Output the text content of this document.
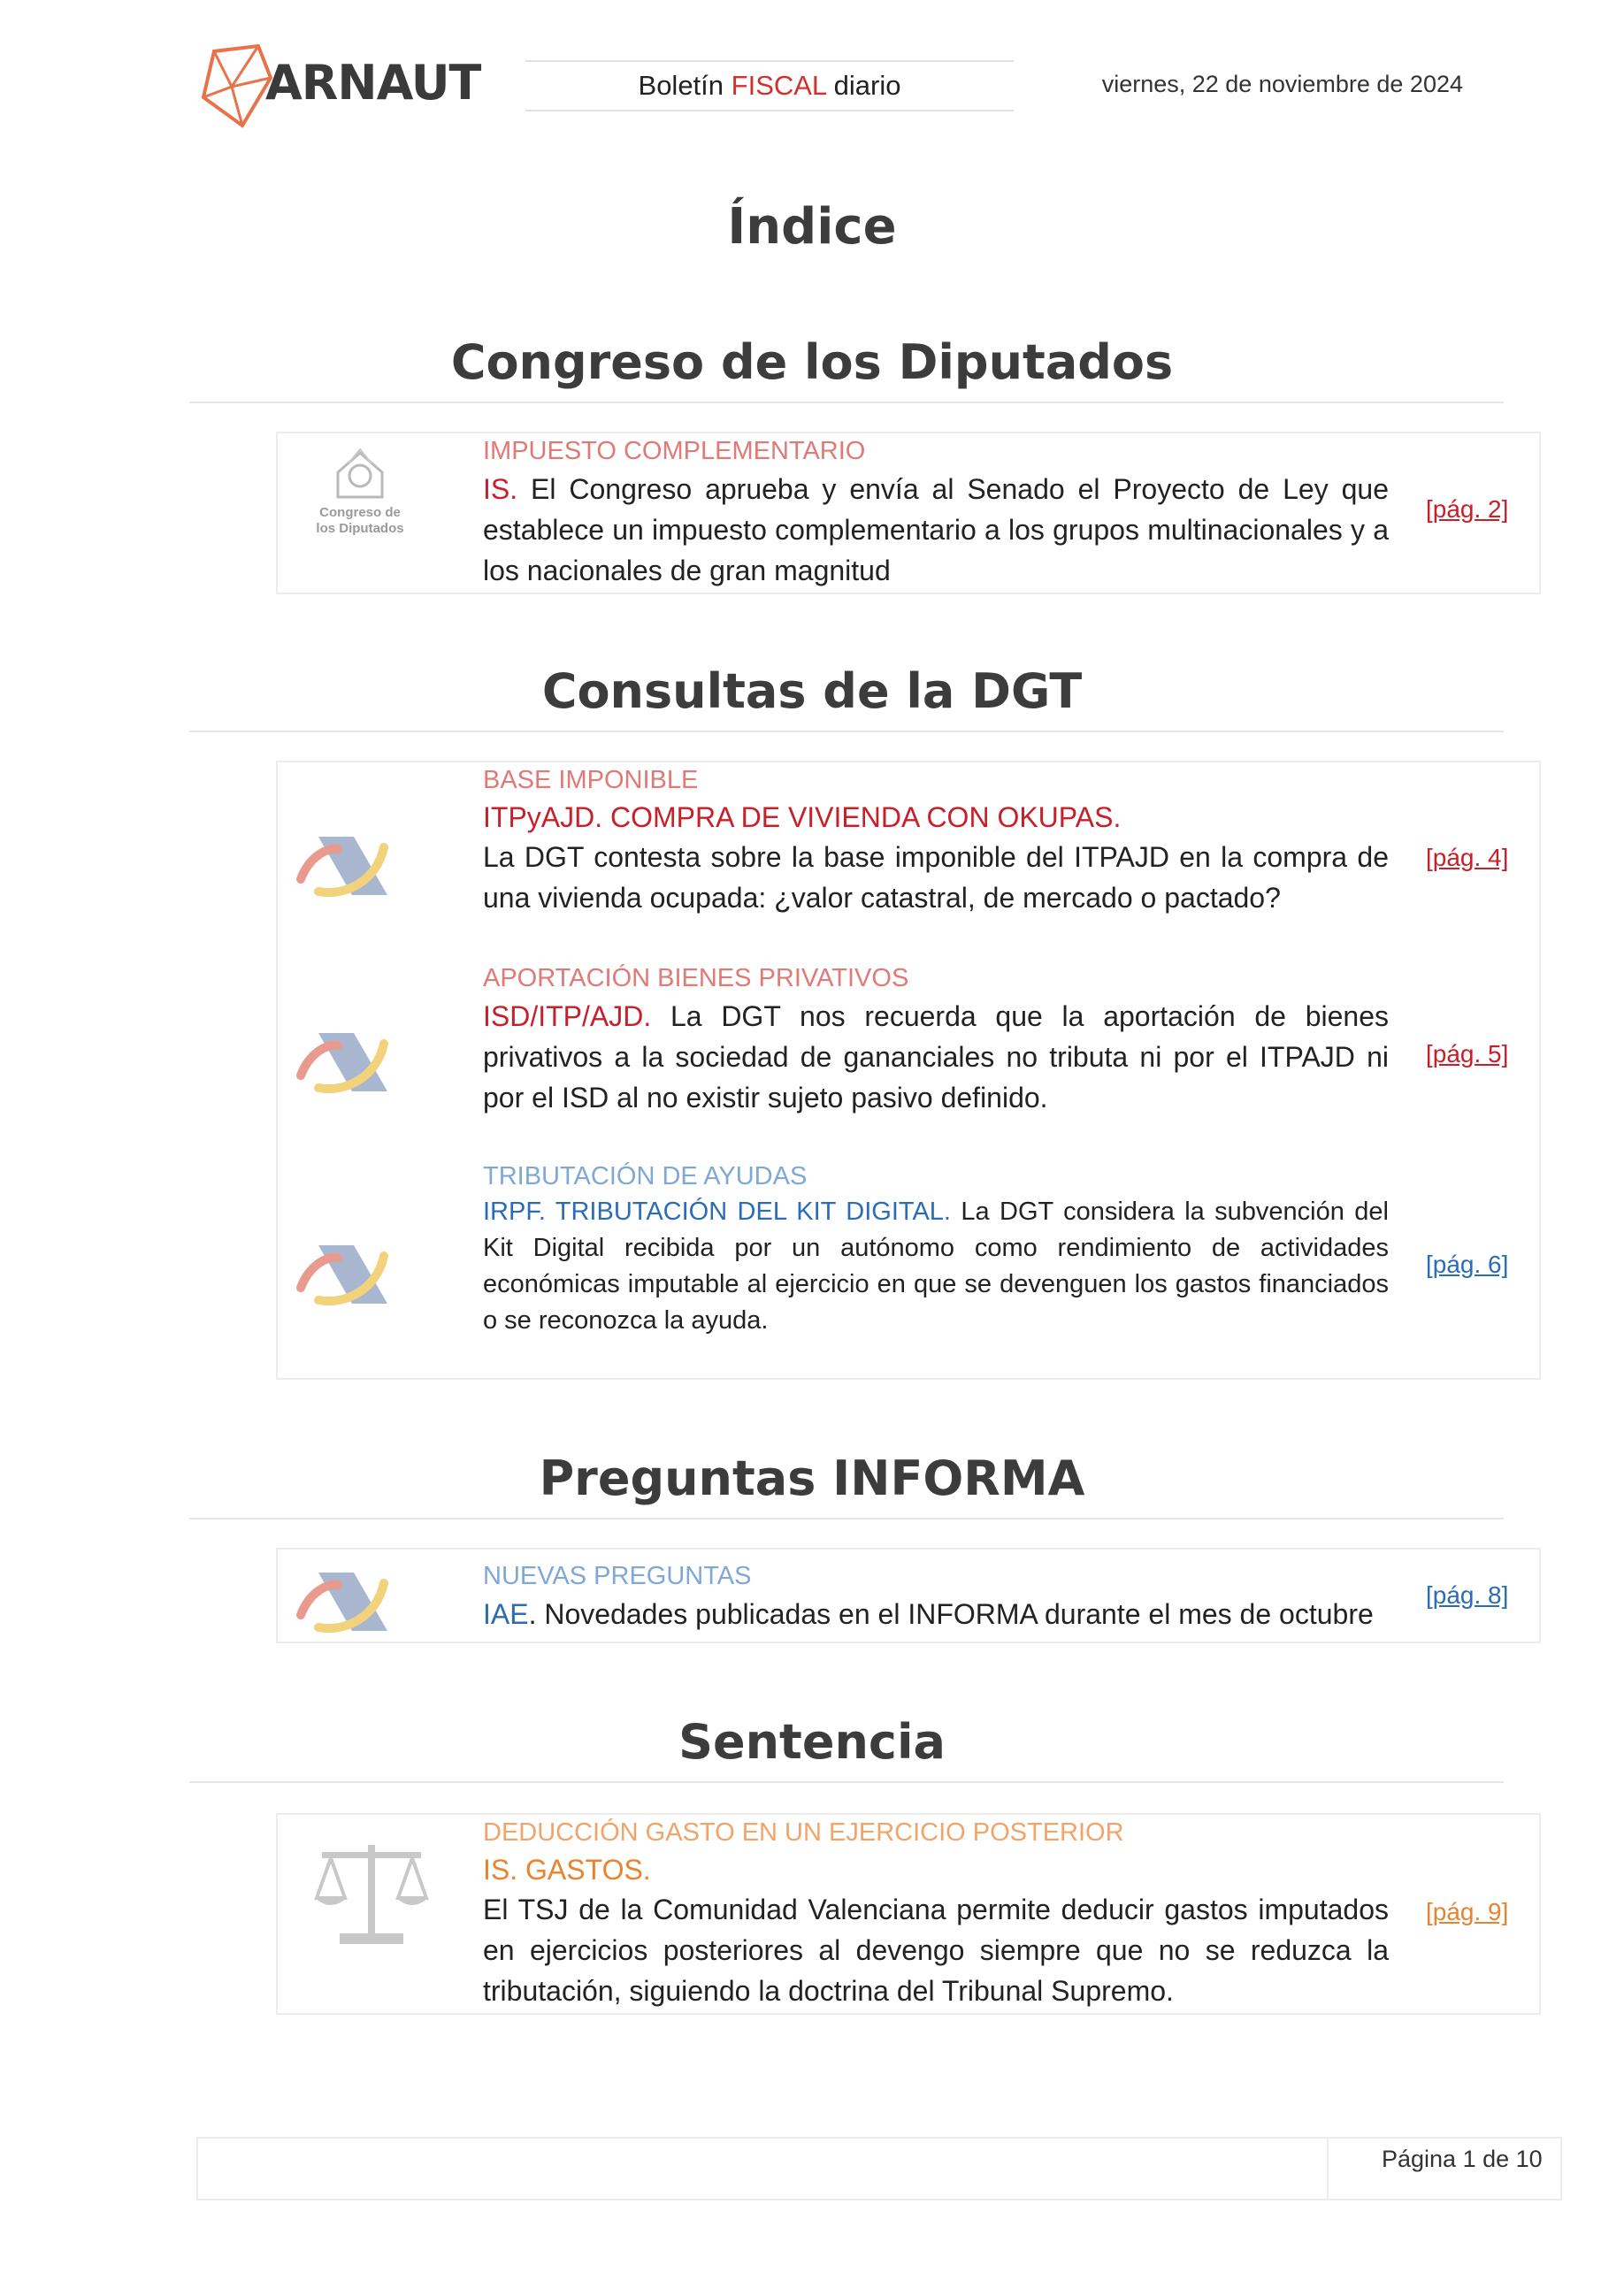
ARNAUT	Boletín FISCAL diario	viernes, 22 de noviembre de 2024
Índice
Congreso de los Diputados
Congreso de
los Diputados
IMPUESTO COMPLEMENTARIO
IS. El Congreso aprueba y envía al Senado el Proyecto de Ley que establece un impuesto complementario a los grupos multinacionales y a los nacionales de gran magnitud
[pág. 2]
Consultas de la DGT
BASE IMPONIBLE
ITPyAJD. COMPRA DE VIVIENDA CON OKUPAS.
La DGT contesta sobre la base imponible del ITPAJD en la compra de una vivienda ocupada: ¿valor catastral, de mercado o pactado?
[pág. 4]
APORTACIÓN BIENES PRIVATIVOS
ISD/ITP/AJD. La DGT nos recuerda que la aportación de bienes privativos a la sociedad de gananciales no tributa ni por el ITPAJD ni por el ISD al no existir sujeto pasivo definido.
[pág. 5]
TRIBUTACIÓN DE AYUDAS
IRPF. TRIBUTACIÓN DEL KIT DIGITAL. La DGT considera la subvención del Kit Digital recibida por un autónomo como rendimiento de actividades económicas imputable al ejercicio en que se devenguen los gastos financiados o se reconozca la ayuda.
[pág. 6]
Preguntas INFORMA
NUEVAS PREGUNTAS
IAE. Novedades publicadas en el INFORMA durante el mes de octubre
[pág. 8]
Sentencia
DEDUCCIÓN GASTO EN UN EJERCICIO POSTERIOR
IS. GASTOS.
El TSJ de la Comunidad Valenciana permite deducir gastos imputados en ejercicios posteriores al devengo siempre que no se reduzca la tributación, siguiendo la doctrina del Tribunal Supremo.
[pág. 9]
Página 1 de 10
